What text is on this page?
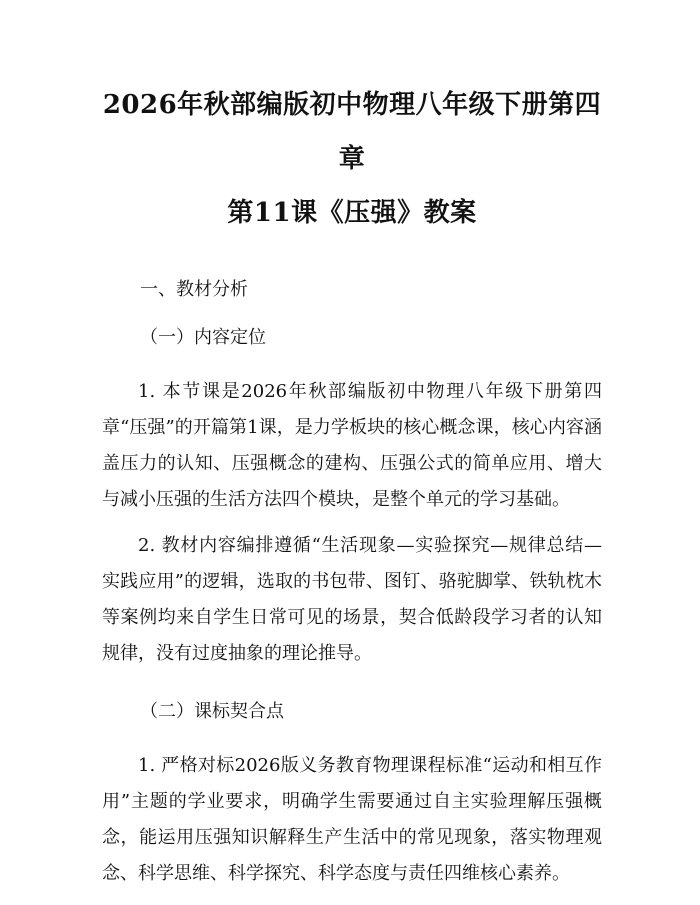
2026年秋部编版初中物理八年级下册第四章
第11课《压强》教案

一、教材分析

（一）内容定位

1. 本节课是2026年秋部编版初中物理八年级下册第四章“压强”的开篇第1课，是力学板块的核心概念课，核心内容涵盖压力的认知、压强概念的建构、压强公式的简单应用、增大与减小压强的生活方法四个模块，是整个单元的学习基础。

2. 教材内容编排遵循“生活现象—实验探究—规律总结—实践应用”的逻辑，选取的书包带、图钉、骆驼脚掌、铁轨枕木等案例均来自学生日常可见的场景，契合低龄段学习者的认知规律，没有过度抽象的理论推导。

（二）课标契合点

1. 严格对标2026版义务教育物理课程标准“运动和相互作用”主题的学业要求，明确学生需要通过自主实验理解压强概念，能运用压强知识解释生产生活中的常见现象，落实物理观念、科学思维、科学探究、科学态度与责任四维核心素养。
